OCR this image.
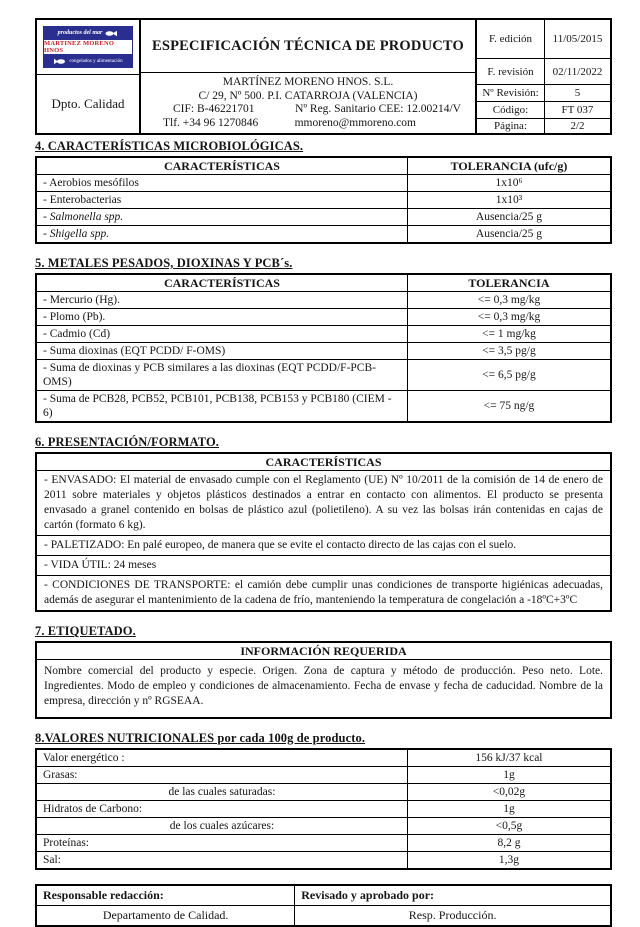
productos del mar
MARTINEZ MORENO HNOS
congelados y alimentación
Dpto. Calidad
ESPECIFICACIÓN TÉCNICA DE PRODUCTO
MARTÍNEZ MORENO HNOS. S.L.
C/ 29, Nº 500. P.I. CATARROJA (VALENCIA)
CIF: B-46221701	Nº Reg. Sanitario CEE: 12.00214/V
Tlf. +34 96 1270846	mmoreno@mmoreno.com
F. edición	11/05/2015
F. revisión	02/11/2022
Nº Revisión:	5
Código:	FT 037
Página:	2/2
4. CARACTERÍSTICAS MICROBIOLÓGICAS.
CARACTERÍSTICAS	TOLERANCIA (ufc/g)
- Aerobios mesófilos	1x10⁶
- Enterobacterias	1x10³
- Salmonella spp.	Ausencia/25 g
- Shigella spp.	Ausencia/25 g
5. METALES PESADOS, DIOXINAS Y PCB´s.
CARACTERÍSTICAS	TOLERANCIA
- Mercurio (Hg).	<= 0,3 mg/kg
- Plomo (Pb).	<= 0,3 mg/kg
- Cadmio (Cd)	<= 1 mg/kg
- Suma dioxinas (EQT PCDD/ F-OMS)	<= 3,5 pg/g
- Suma de dioxinas y PCB similares a las dioxinas (EQT PCDD/F-PCB-OMS)	<= 6,5 pg/g
- Suma de PCB28, PCB52, PCB101, PCB138, PCB153 y PCB180 (CIEM - 6)	<= 75 ng/g
6. PRESENTACIÓN/FORMATO.
CARACTERÍSTICAS
- ENVASADO: El material de envasado cumple con el Reglamento (UE) Nº 10/2011 de la comisión de 14 de enero de 2011 sobre materiales y objetos plásticos destinados a entrar en contacto con alimentos. El producto se presenta envasado a granel contenido en bolsas de plástico azul (polietileno). A su vez las bolsas irán contenidas en cajas de cartón (formato 6 kg).
- PALETIZADO: En palé europeo, de manera que se evite el contacto directo de las cajas con el suelo.
- VIDA ÚTIL: 24 meses
- CONDICIONES DE TRANSPORTE: el camión debe cumplir unas condiciones de transporte higiénicas adecuadas, además de asegurar el mantenimiento de la cadena de frío, manteniendo la temperatura de congelación a -18ºC+3ºC
7. ETIQUETADO.
INFORMACIÓN REQUERIDA
Nombre comercial del producto y especie. Origen. Zona de captura y método de producción. Peso neto. Lote. Ingredientes. Modo de empleo y condiciones de almacenamiento. Fecha de envase y fecha de caducidad. Nombre de la empresa, dirección y nº RGSEAA.
8.VALORES NUTRICIONALES por cada 100g de producto.
Valor energético :	156 kJ/37 kcal
Grasas:	1g
de las cuales saturadas:	<0,02g
Hidratos de Carbono:	1g
de los cuales azúcares:	<0,5g
Proteínas:	8,2 g
Sal:	1,3g
Responsable redacción:	Revisado y aprobado por:
Departamento de Calidad.	Resp. Producción.
